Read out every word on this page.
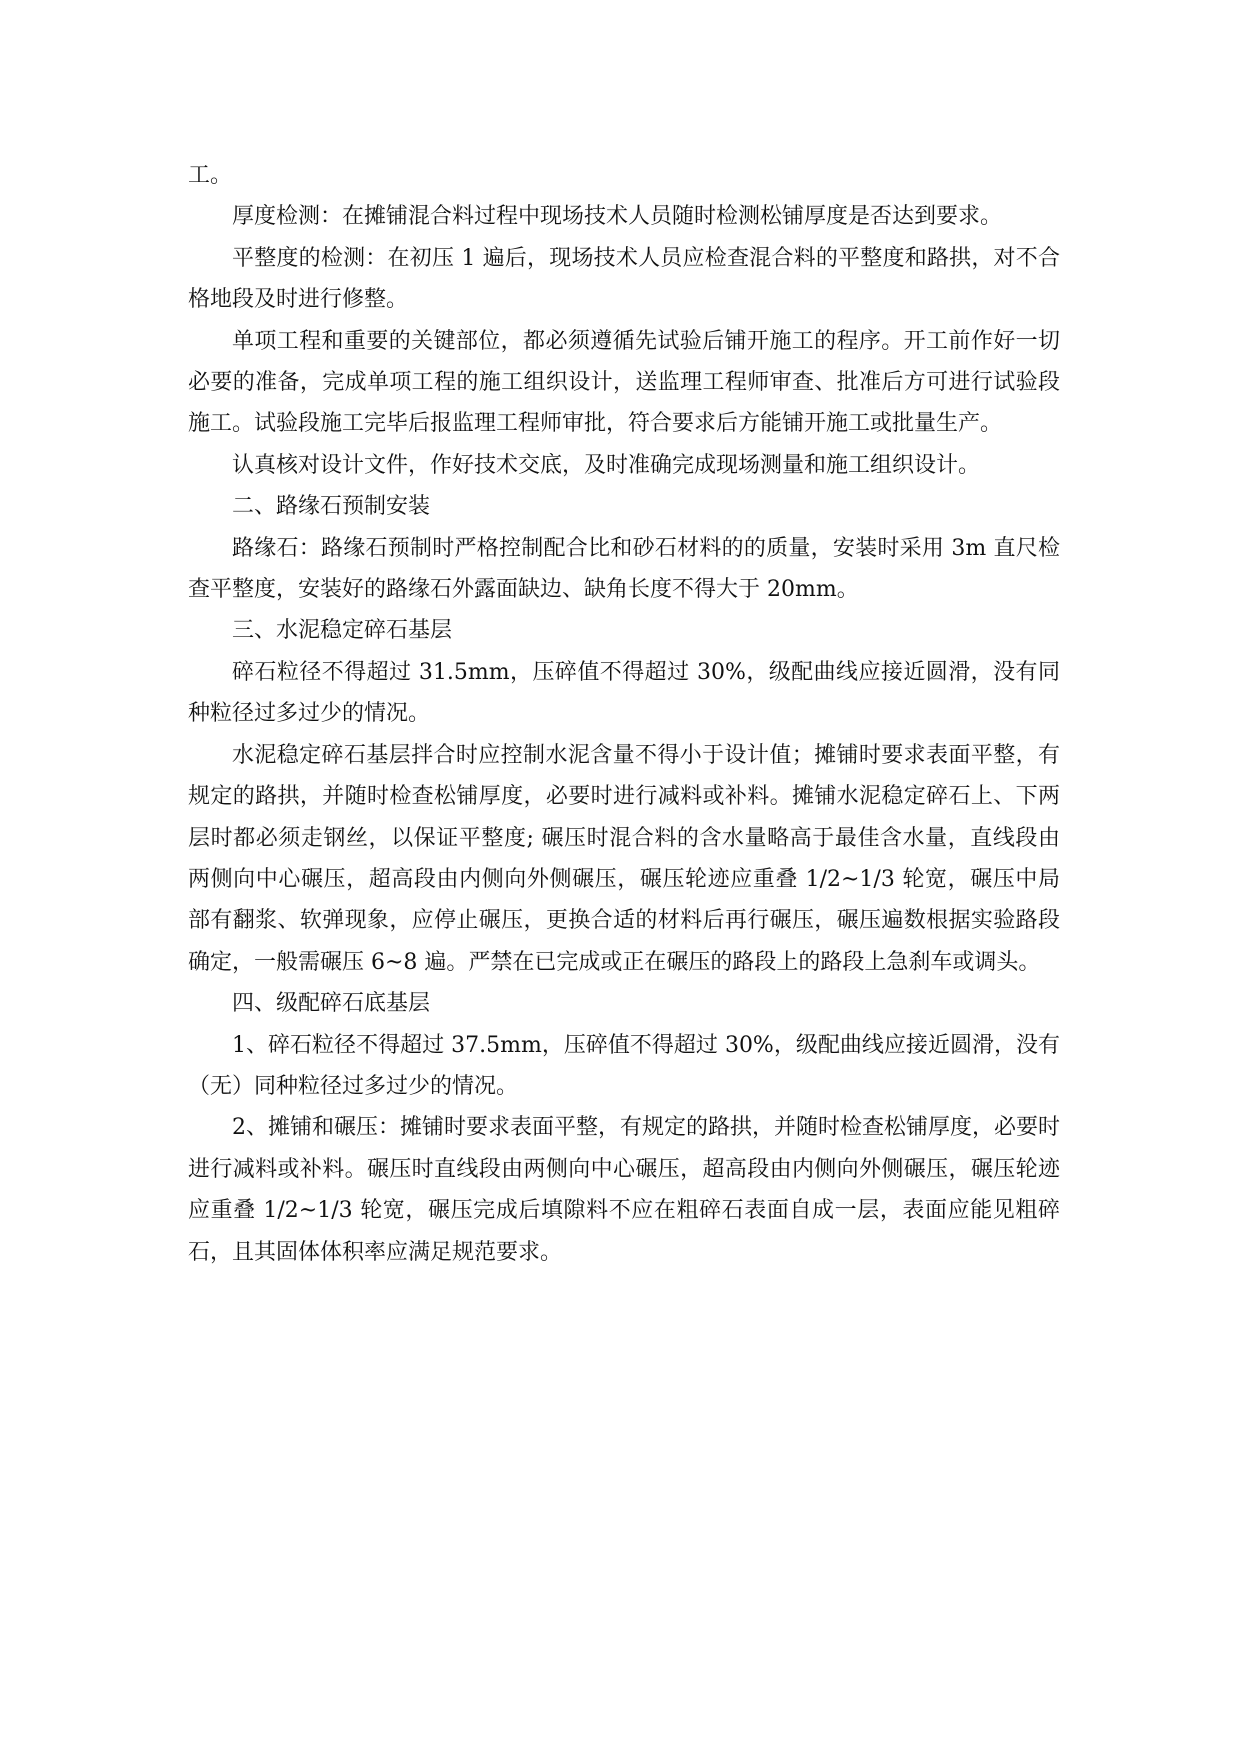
工。

厚度检测：在摊铺混合料过程中现场技术人员随时检测松铺厚度是否达到要求。

平整度的检测：在初压 1 遍后，现场技术人员应检查混合料的平整度和路拱，对不合格地段及时进行修整。

单项工程和重要的关键部位，都必须遵循先试验后铺开施工的程序。开工前作好一切必要的准备，完成单项工程的施工组织设计，送监理工程师审查、批准后方可进行试验段施工。试验段施工完毕后报监理工程师审批，符合要求后方能铺开施工或批量生产。

认真核对设计文件，作好技术交底，及时准确完成现场测量和施工组织设计。

二、路缘石预制安装

路缘石：路缘石预制时严格控制配合比和砂石材料的的质量，安装时采用 3m 直尺检查平整度，安装好的路缘石外露面缺边、缺角长度不得大于 20mm。

三、水泥稳定碎石基层

碎石粒径不得超过 31.5mm，压碎值不得超过 30%，级配曲线应接近圆滑，没有同种粒径过多过少的情况。

水泥稳定碎石基层拌合时应控制水泥含量不得小于设计值；摊铺时要求表面平整，有规定的路拱，并随时检查松铺厚度，必要时进行减料或补料。摊铺水泥稳定碎石上、下两层时都必须走钢丝，以保证平整度; 碾压时混合料的含水量略高于最佳含水量，直线段由两侧向中心碾压，超高段由内侧向外侧碾压，碾压轮迹应重叠 1/2~1/3 轮宽，碾压中局部有翻浆、软弹现象，应停止碾压，更换合适的材料后再行碾压，碾压遍数根据实验路段确定，一般需碾压 6~8 遍。严禁在已完成或正在碾压的路段上的路段上急刹车或调头。

四、级配碎石底基层

1、碎石粒径不得超过 37.5mm，压碎值不得超过 30%，级配曲线应接近圆滑，没有（无）同种粒径过多过少的情况。

2、摊铺和碾压：摊铺时要求表面平整，有规定的路拱，并随时检查松铺厚度，必要时进行减料或补料。碾压时直线段由两侧向中心碾压，超高段由内侧向外侧碾压，碾压轮迹应重叠 1/2~1/3 轮宽，碾压完成后填隙料不应在粗碎石表面自成一层，表面应能见粗碎石，且其固体体积率应满足规范要求。
